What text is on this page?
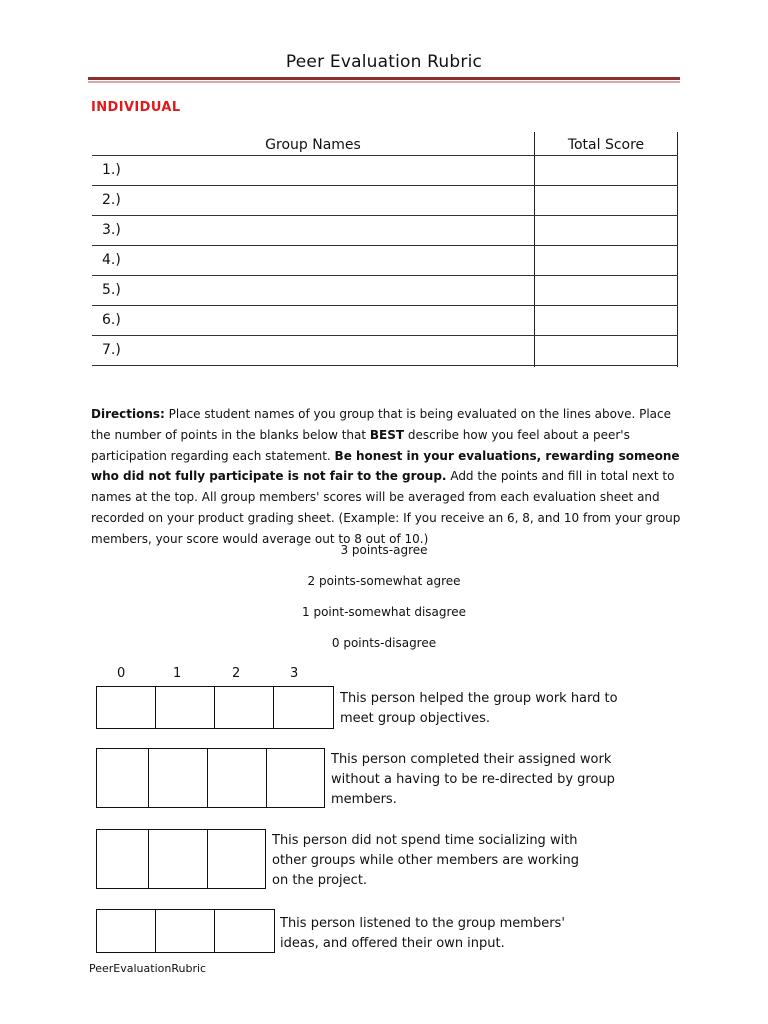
Peer Evaluation Rubric
INDIVIDUAL
Group Names	Total Score
1.)
2.)
3.)
4.)
5.)
6.)
7.)
Directions: Place student names of you group that is being evaluated on the lines above. Place the number of points in the blanks below that BEST describe how you feel about a peer's participation regarding each statement. Be honest in your evaluations, rewarding someone who did not fully participate is not fair to the group. Add the points and fill in total next to names at the top. All group members' scores will be averaged from each evaluation sheet and recorded on your product grading sheet. (Example: If you receive an 6, 8, and 10 from your group members, your score would average out to 8 out of 10.)
3 points-agree
2 points-somewhat agree
1 point-somewhat disagree
0 points-disagree
0	1	2	3
This person helped the group work hard to
meet group objectives.
This person completed their assigned work
without a having to be re-directed by group
members.
This person did not spend time socializing with
other groups while other members are working
on the project.
This person listened to the group members'
ideas, and offered their own input.
PeerEvaluationRubric
